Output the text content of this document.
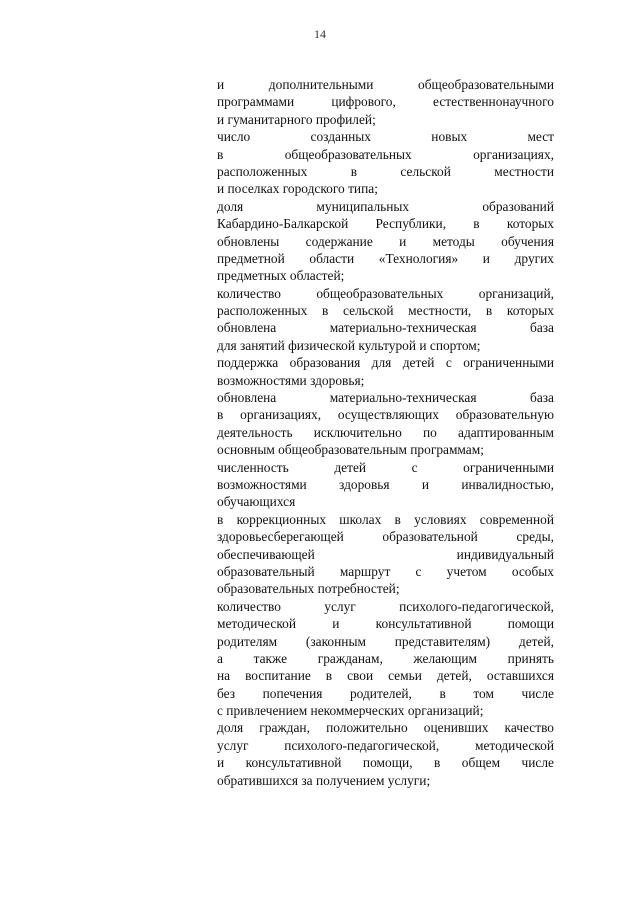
14
и дополнительными общеобразовательными
программами цифрового, естественнонаучного
и гуманитарного профилей;
число созданных новых мест
в общеобразовательных организациях,
расположенных в сельской местности
и поселках городского типа;
доля муниципальных образований
Кабардино-Балкарской Республики, в которых
обновлены содержание и методы обучения
предметной области «Технология» и других
предметных областей;
количество общеобразовательных организаций,
расположенных в сельской местности, в которых
обновлена материально-техническая база
для занятий физической культурой и спортом;
поддержка образования для детей с ограниченными
возможностями здоровья;
обновлена материально-техническая база
в организациях, осуществляющих образовательную
деятельность исключительно по адаптированным
основным общеобразовательным программам;
численность детей с ограниченными
возможностями здоровья и инвалидностью,
обучающихся
в коррекционных школах в условиях современной
здоровьесберегающей образовательной среды,
обеспечивающей индивидуальный
образовательный маршрут с учетом особых
образовательных потребностей;
количество услуг психолого-педагогической,
методической и консультативной помощи
родителям (законным представителям) детей,
а также гражданам, желающим принять
на воспитание в свои семьи детей, оставшихся
без попечения родителей, в том числе
с привлечением некоммерческих организаций;
доля граждан, положительно оценивших качество
услуг психолого-педагогической, методической
и консультативной помощи, в общем числе
обратившихся за получением услуги;
